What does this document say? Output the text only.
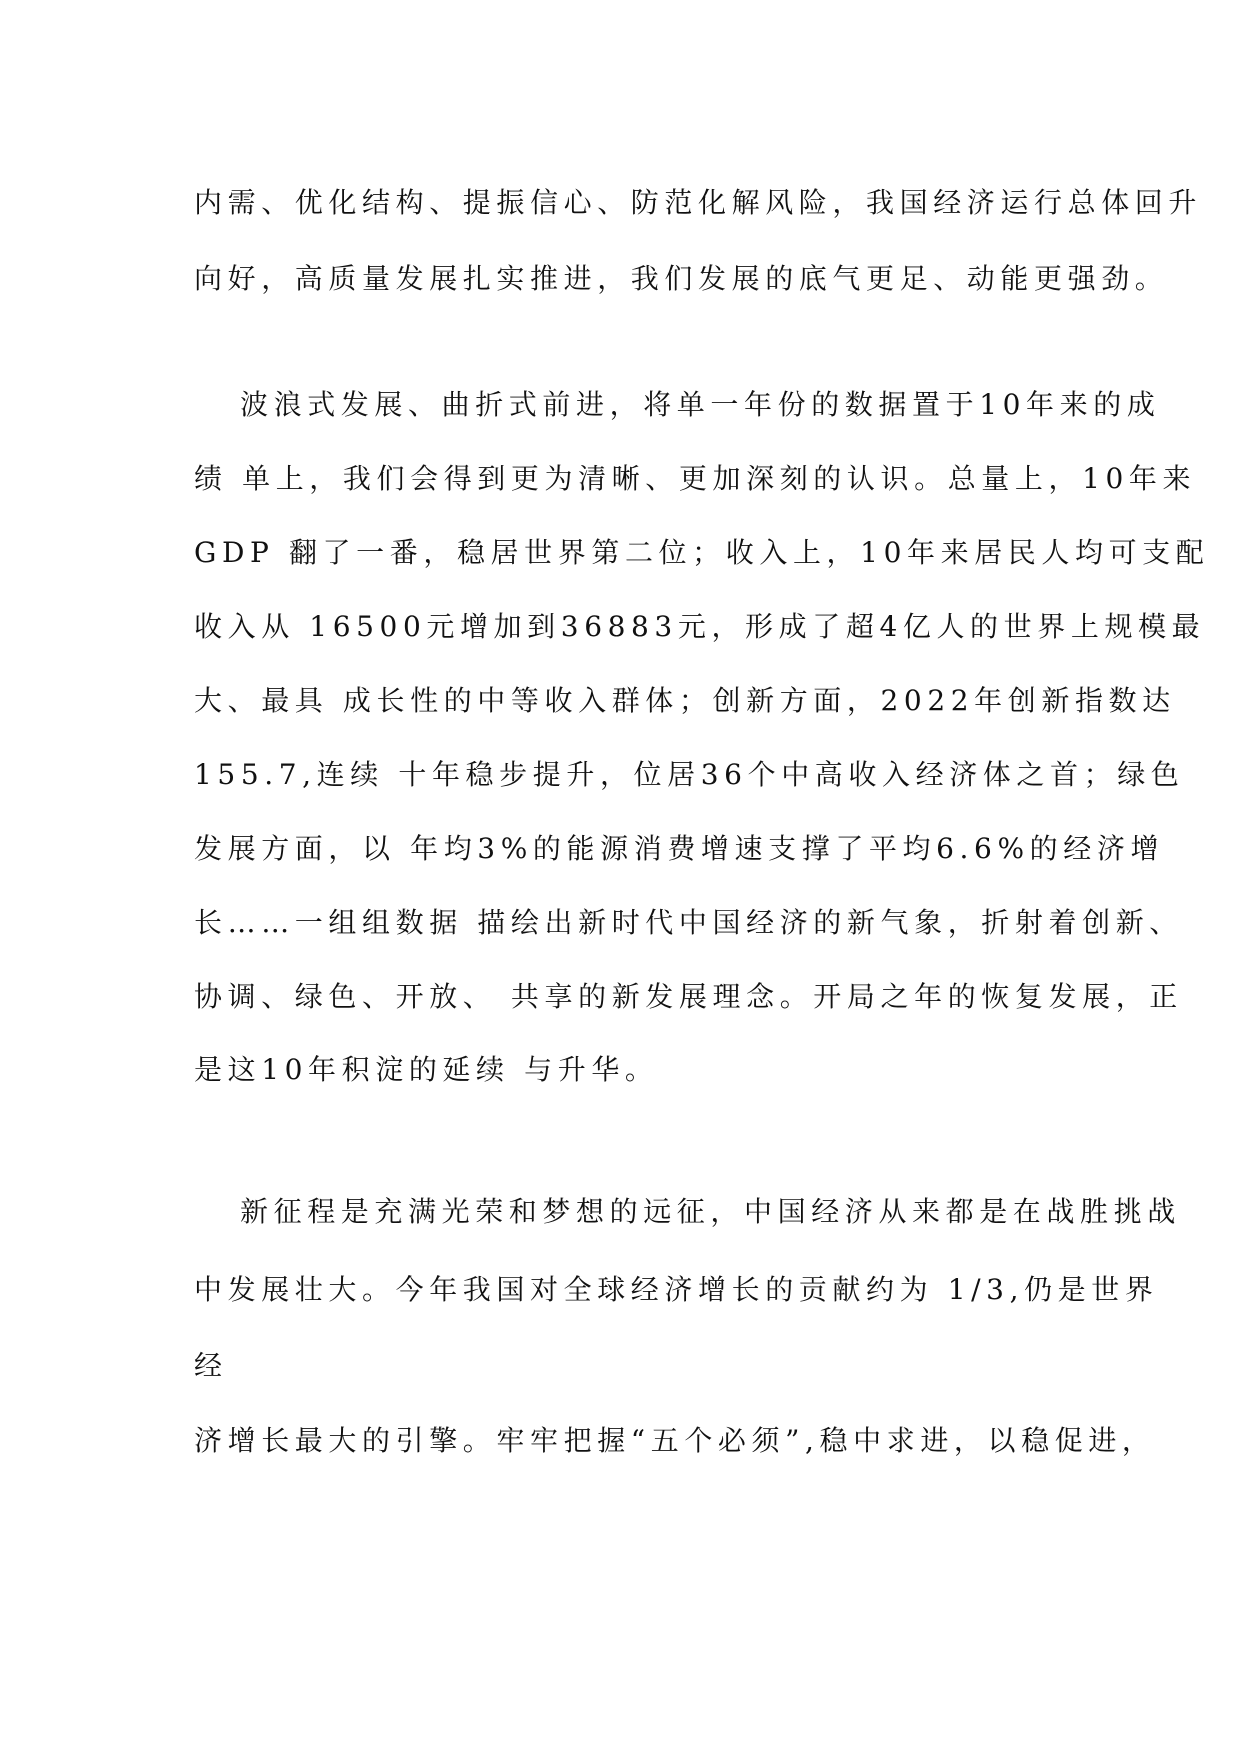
内需、优化结构、提振信心、防范化解风险，我国经济运行总体回升
向好，高质量发展扎实推进，我们发展的底气更足、动能更强劲。
波浪式发展、曲折式前进，将单一年份的数据置于10年来的成
绩 单上，我们会得到更为清晰、更加深刻的认识。总量上，10年来
GDP 翻了一番，稳居世界第二位；收入上，10年来居民人均可支配
收入从 16500元增加到36883元，形成了超4亿人的世界上规模最
大、最具 成长性的中等收入群体；创新方面，2022年创新指数达
155.7,连续 十年稳步提升，位居36个中高收入经济体之首；绿色
发展方面，以 年均3%的能源消费增速支撑了平均6.6%的经济增
长……一组组数据 描绘出新时代中国经济的新气象，折射着创新、
协调、绿色、开放、 共享的新发展理念。开局之年的恢复发展，正
是这10年积淀的延续 与升华。
新征程是充满光荣和梦想的远征，中国经济从来都是在战胜挑战
中发展壮大。今年我国对全球经济增长的贡献约为 1/3,仍是世界
经
济增长最大的引擎。牢牢把握“五个必须”,稳中求进，以稳促进，
